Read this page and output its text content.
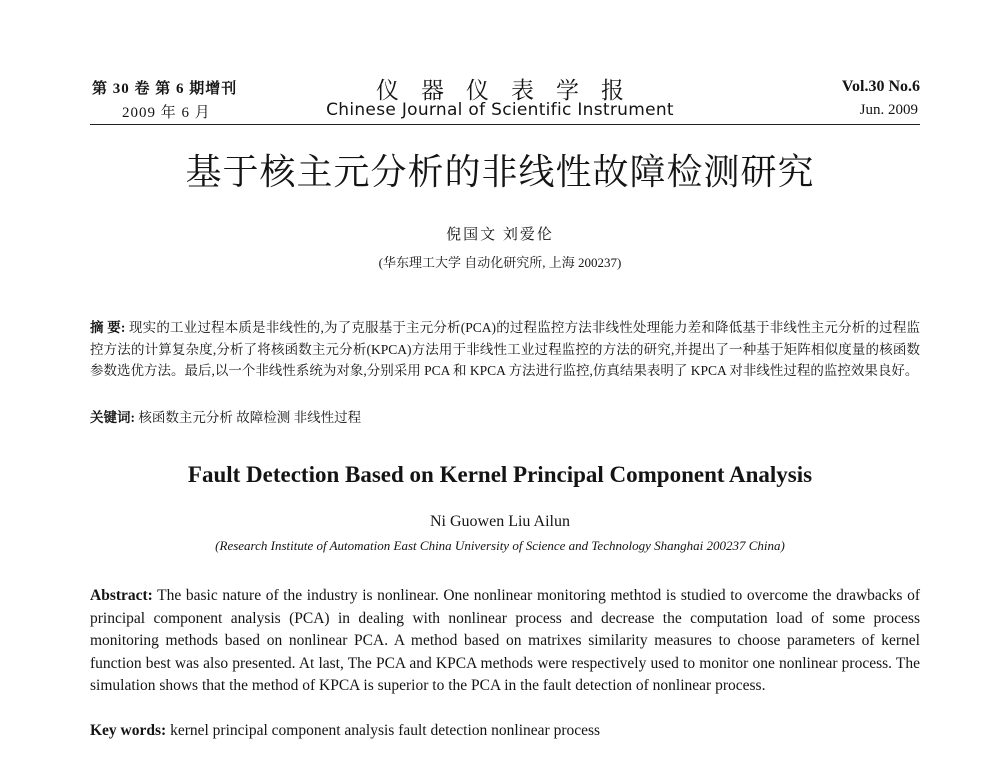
第 30 卷 第 6 期增刊
2009 年 6 月
仪器仪表学报
Chinese Journal of Scientific Instrument
Vol.30 No.6
Jun. 2009
基于核主元分析的非线性故障检测研究
倪国文 刘爱伦
(华东理工大学 自动化研究所, 上海 200237)
摘 要: 现实的工业过程本质是非线性的,为了克服基于主元分析(PCA)的过程监控方法非线性处理能力差和降低基于非线性主元分析的过程监控方法的计算复杂度,分析了将核函数主元分析(KPCA)方法用于非线性工业过程监控的方法的研究,并提出了一种基于矩阵相似度量的核函数参数选优方法。最后,以一个非线性系统为对象,分别采用 PCA 和 KPCA 方法进行监控,仿真结果表明了 KPCA 对非线性过程的监控效果良好。
关键词: 核函数主元分析 故障检测 非线性过程
Fault Detection Based on Kernel Principal Component Analysis
Ni Guowen Liu Ailun
(Research Institute of Automation East China University of Science and Technology Shanghai 200237 China)
Abstract: The basic nature of the industry is nonlinear. One nonlinear monitoring methtod is studied to overcome the drawbacks of principal component analysis (PCA) in dealing with nonlinear process and decrease the computation load of some process monitoring methods based on nonlinear PCA. A method based on matrixes similarity measures to choose parameters of kernel function best was also presented. At last, The PCA and KPCA methods were respectively used to monitor one nonlinear process. The simulation shows that the method of KPCA is superior to the PCA in the fault detection of nonlinear process.
Key words: kernel principal component analysis fault detection nonlinear process
